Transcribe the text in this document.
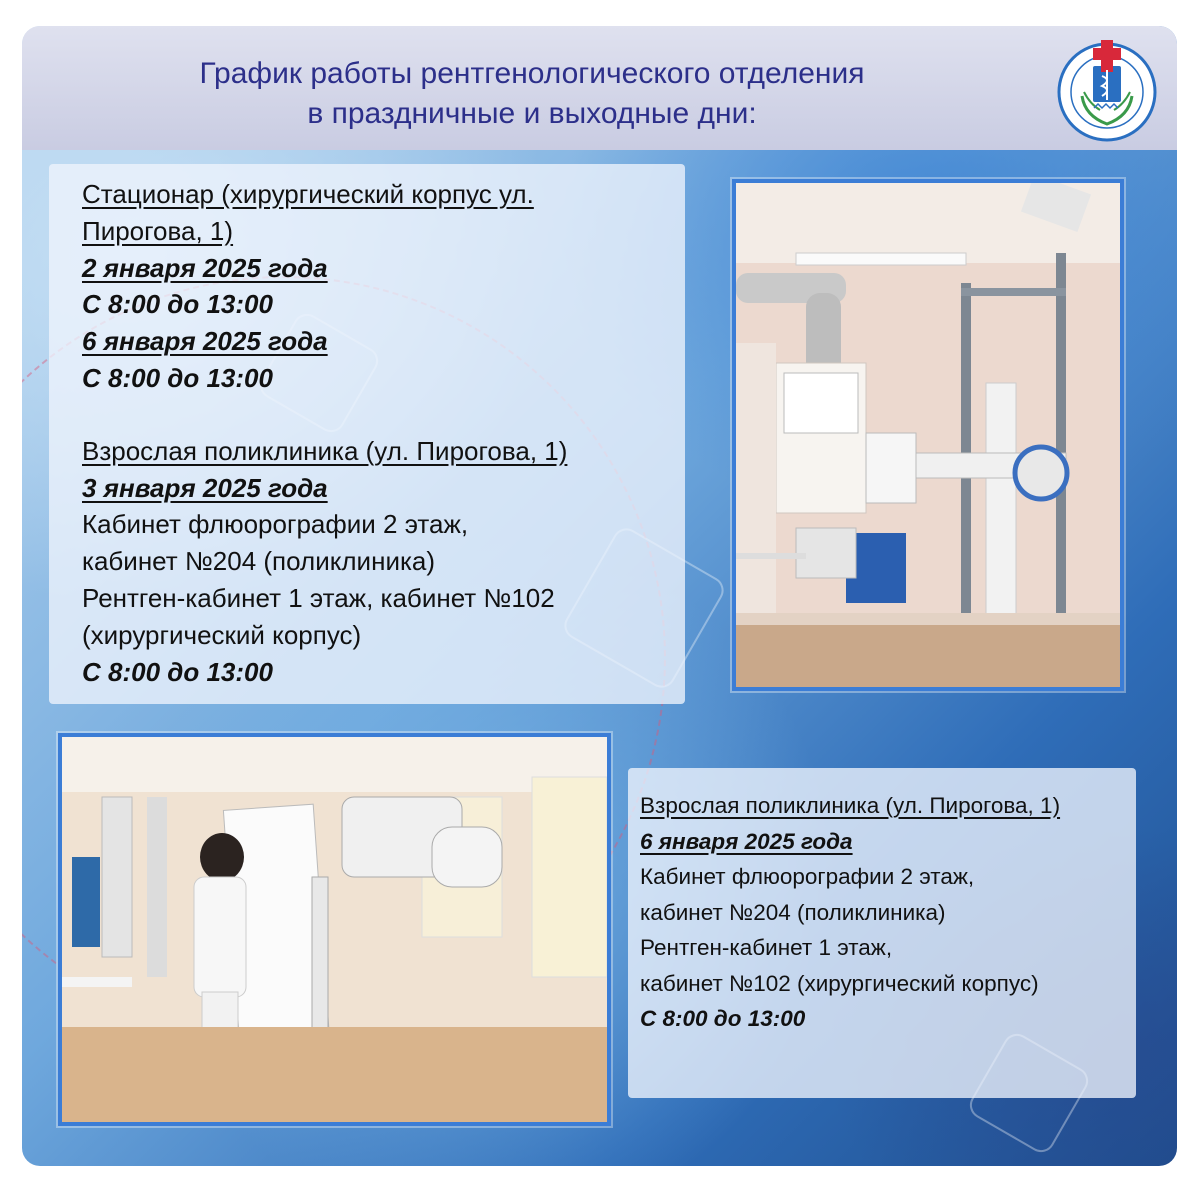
График работы рентгенологического отделения
в праздничные и выходные дни:
Стационар (хирургический корпус ул.
Пирогова, 1)
2 января 2025 года
С 8:00 до 13:00
6 января 2025 года
С 8:00 до 13:00
Взрослая поликлиника (ул. Пирогова, 1)
3 января 2025 года
Кабинет флюорографии 2 этаж,
кабинет №204 (поликлиника)
Рентген-кабинет 1 этаж, кабинет №102
(хирургический корпус)
С 8:00 до 13:00
Взрослая поликлиника (ул. Пирогова, 1)
6 января 2025 года
Кабинет флюорографии 2 этаж,
кабинет №204 (поликлиника)
Рентген-кабинет 1 этаж,
кабинет №102 (хирургический корпус)
С 8:00 до 13:00
